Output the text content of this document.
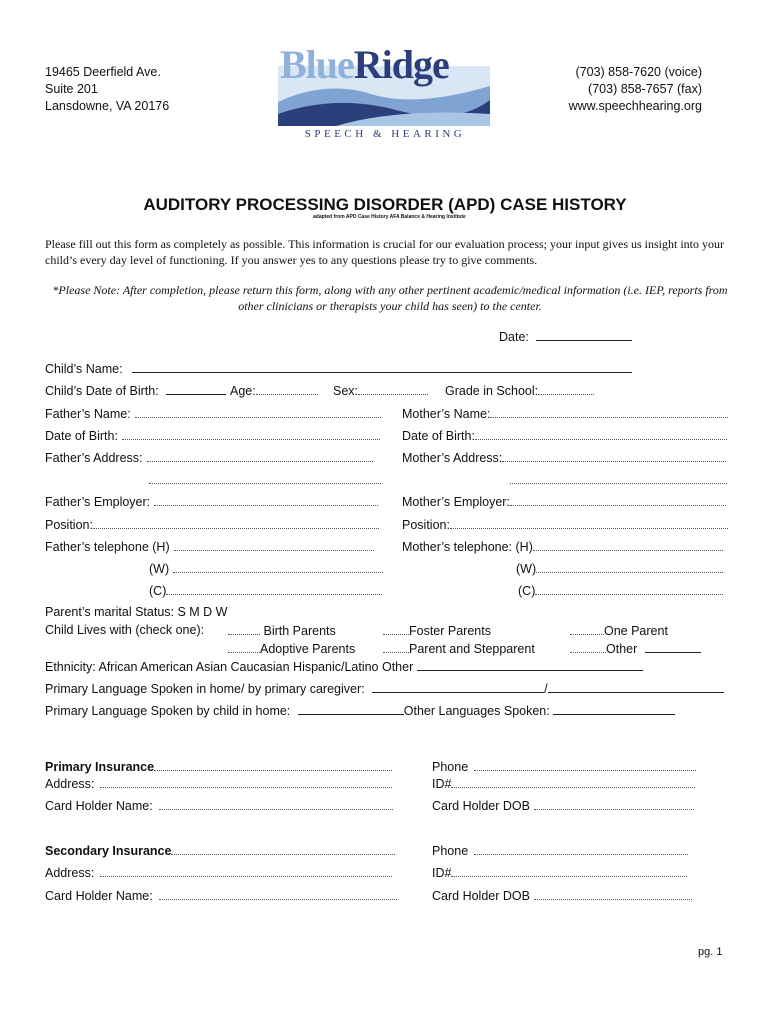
19465 Deerfield Ave.
Suite 201
Lansdowne, VA 20176
BlueRidge
SPEECH & HEARING
(703) 858-7620 (voice)
(703) 858-7657 (fax)
www.speechhearing.org
AUDITORY PROCESSING DISORDER (APD) CASE HISTORY
adapted from APD Case History AFA Balance & Hearing Institute
Please fill out this form as completely as possible. This information is crucial for our evaluation process; your input gives us insight into your child’s every day level of functioning. If you answer yes to any questions please try to give comments.
*Please Note: After completion, please return this form, along with any other pertinent academic/medical information (i.e. IEP, reports from other clinicians or therapists your child has seen) to the center.
Date:
Child’s Name:
Child’s Date of Birth:	Age:	Sex:	Grade in School:
Father’s Name:	Mother’s Name:
Date of Birth:	Date of Birth:
Father’s Address:	Mother’s Address:
Father’s Employer:	Mother’s Employer:
Position:	Position:
Father’s telephone (H)	Mother’s telephone: (H)
(W)	(W)
(C)	(C)
Parent’s marital Status: S M D W
Child Lives with (check one):	Birth Parents	Foster Parents	One Parent
Adoptive Parents	Parent and Stepparent	Other
Ethnicity: African American Asian Caucasian Hispanic/Latino Other
Primary Language Spoken in home/ by primary caregiver:	/
Primary Language Spoken by child in home:	Other Languages Spoken:
Primary Insurance	Phone
Address:	ID#
Card Holder Name:	Card Holder DOB
Secondary Insurance	Phone
Address:	ID#
Card Holder Name:	Card Holder DOB
pg. 1
